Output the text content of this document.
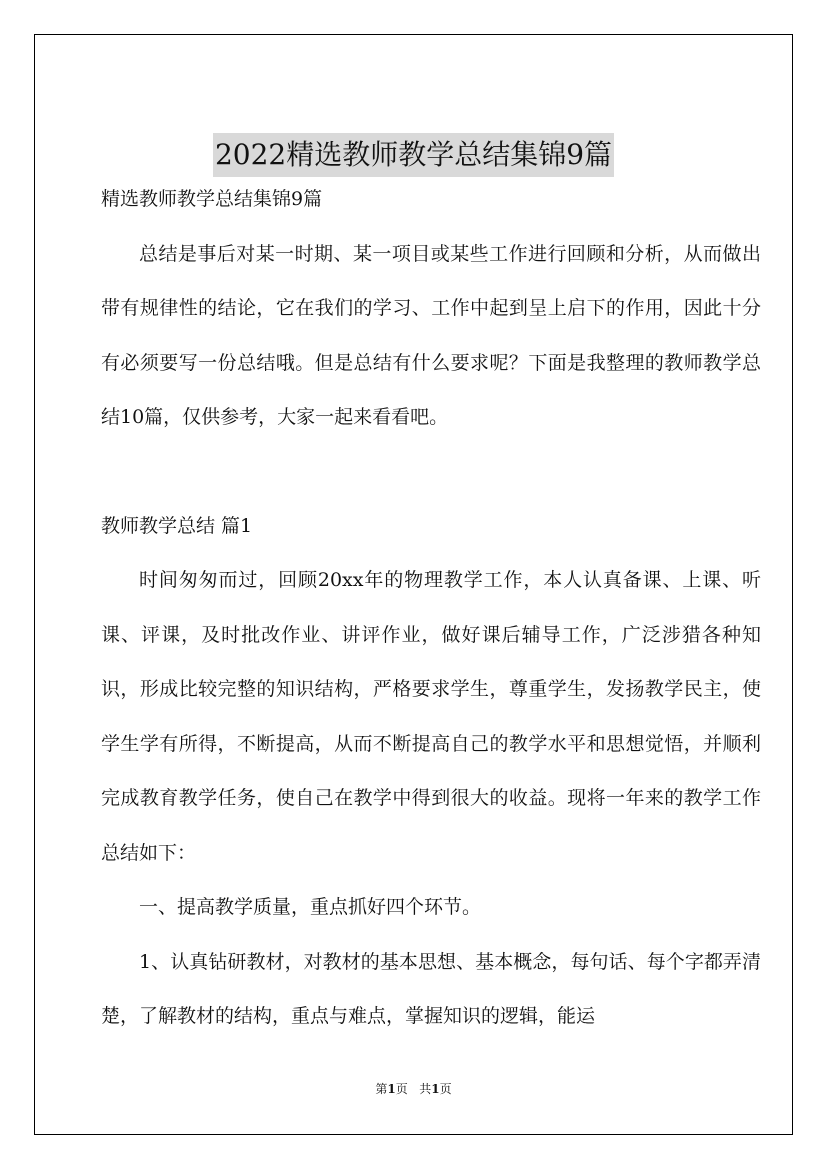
2022精选教师教学总结集锦9篇

精选教师教学总结集锦9篇

总结是事后对某一时期、某一项目或某些工作进行回顾和分析，从而做出带有规律性的结论，它在我们的学习、工作中起到呈上启下的作用，因此十分有必须要写一份总结哦。但是总结有什么要求呢？下面是我整理的教师教学总结10篇，仅供参考，大家一起来看看吧。

教师教学总结 篇1

时间匆匆而过，回顾20xx年的物理教学工作，本人认真备课、上课、听课、评课，及时批改作业、讲评作业，做好课后辅导工作，广泛涉猎各种知识，形成比较完整的知识结构，严格要求学生，尊重学生，发扬教学民主，使学生学有所得，不断提高，从而不断提高自己的教学水平和思想觉悟，并顺利完成教育教学任务，使自己在教学中得到很大的收益。现将一年来的教学工作总结如下：

一、提高教学质量，重点抓好四个环节。

1、认真钻研教材，对教材的基本思想、基本概念，每句话、每个字都弄清楚，了解教材的结构，重点与难点，掌握知识的逻辑，能运

第1页 共1页
